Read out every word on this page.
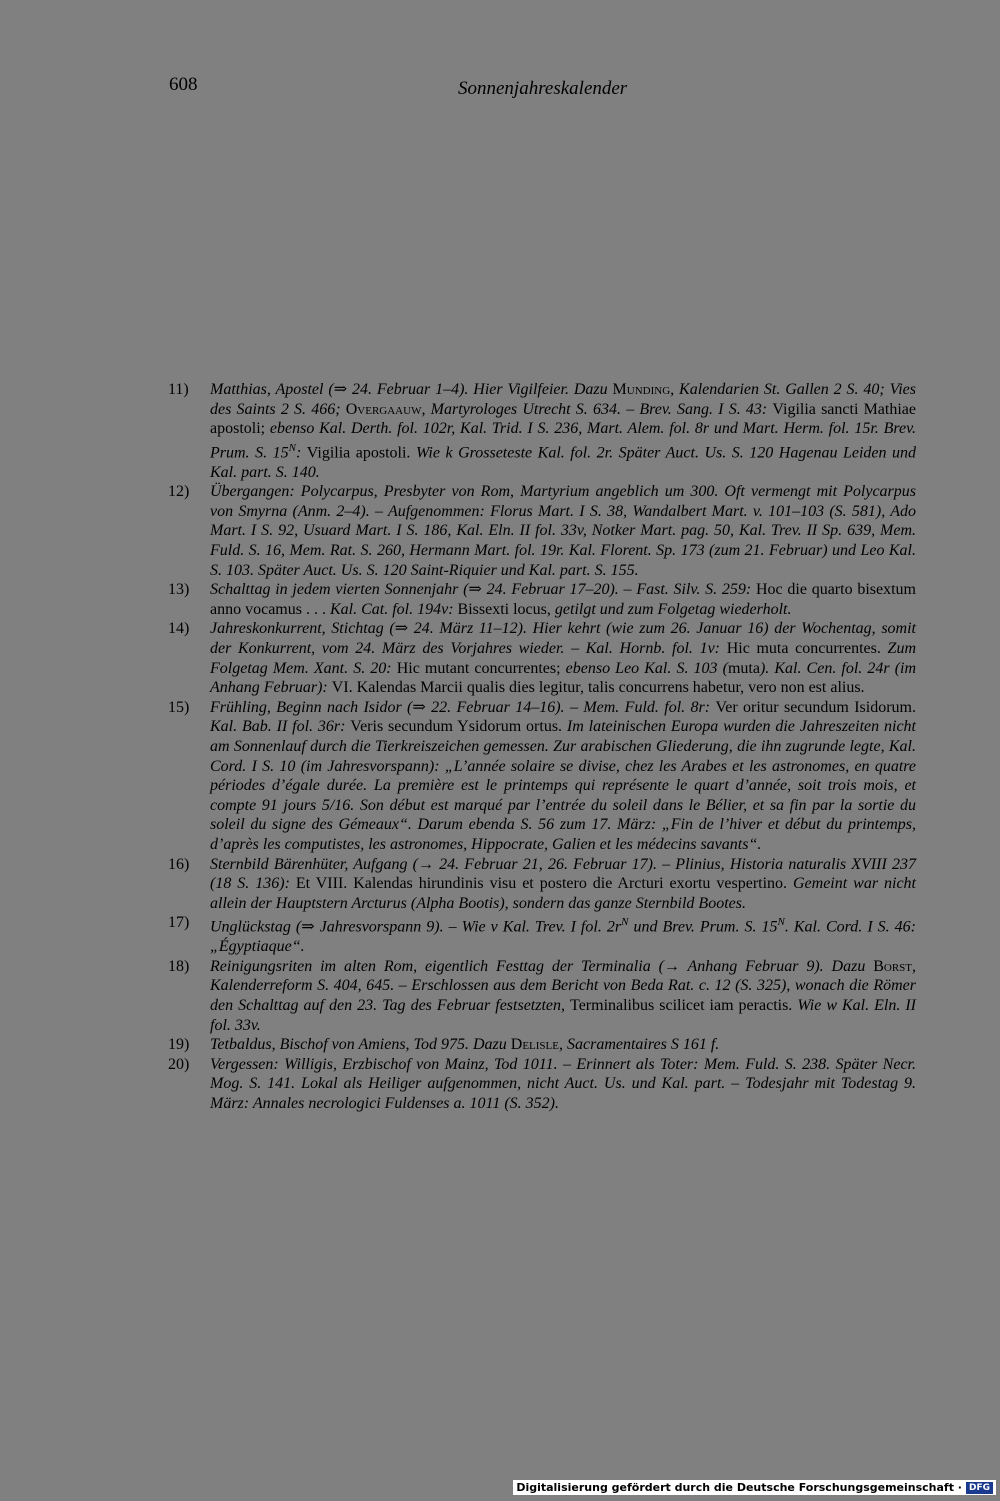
608	Sonnenjahreskalender
11)	Matthias, Apostel (⇒ 24. Februar 1–4). Hier Vigilfeier. Dazu Munding, Kalendarien St. Gallen 2 S. 40; Vies des Saints 2 S. 466; Overgaauw, Martyrologes Utrecht S. 634. – Brev. Sang. I S. 43: Vigilia sancti Mathiae apostoli; ebenso Kal. Derth. fol. 102r, Kal. Trid. I S. 236, Mart. Alem. fol. 8r und Mart. Herm. fol. 15r. Brev. Prum. S. $15^N$: Vigilia apostoli. Wie k Grosseteste Kal. fol. 2r. Später Auct. Us. S. 120 Hagenau Leiden und Kal. part. S. 140.
12)	Übergangen: Polycarpus, Presbyter von Rom, Martyrium angeblich um 300. Oft vermengt mit Polycarpus von Smyrna (Anm. 2–4). – Aufgenommen: Florus Mart. I S. 38, Wandalbert Mart. v. 101–103 (S. 581), Ado Mart. I S. 92, Usuard Mart. I S. 186, Kal. Eln. II fol. 33v, Notker Mart. pag. 50, Kal. Trev. II Sp. 639, Mem. Fuld. S. 16, Mem. Rat. S. 260, Hermann Mart. fol. 19r. Kal. Florent. Sp. 173 (zum 21. Februar) und Leo Kal. S. 103. Später Auct. Us. S. 120 Saint-Riquier und Kal. part. S. 155.
13)	Schalttag in jedem vierten Sonnenjahr (⇒ 24. Februar 17–20). – Fast. Silv. S. 259: Hoc die quarto bisextum anno vocamus . . . Kal. Cat. fol. 194v: Bissexti locus, getilgt und zum Folgetag wiederholt.
14)	Jahreskonkurrent, Stichtag (⇒ 24. März 11–12). Hier kehrt (wie zum 26. Januar 16) der Wochentag, somit der Konkurrent, vom 24. März des Vorjahres wieder. – Kal. Hornb. fol. 1v: Hic muta concurrentes. Zum Folgetag Mem. Xant. S. 20: Hic mutant concurrentes; ebenso Leo Kal. S. 103 (muta). Kal. Cen. fol. 24r (im Anhang Februar): VI. Kalendas Marcii qualis dies legitur, talis concurrens habetur, vero non est alius.
15)	Frühling, Beginn nach Isidor (⇒ 22. Februar 14–16). – Mem. Fuld. fol. 8r: Ver oritur secundum Isidorum. Kal. Bab. II fol. 36r: Veris secundum Ysidorum ortus. Im lateinischen Europa wurden die Jahreszeiten nicht am Sonnenlauf durch die Tierkreiszeichen gemessen. Zur arabischen Gliederung, die ihn zugrunde legte, Kal. Cord. I S. 10 (im Jahresvorspann): „L’année solaire se divise, chez les Arabes et les astronomes, en quatre périodes d’égale durée. La première est le printemps qui représente le quart d’année, soit trois mois, et compte 91 jours 5/16. Son début est marqué par l’entrée du soleil dans le Bélier, et sa fin par la sortie du soleil du signe des Gémeaux“. Darum ebenda S. 56 zum 17. März: „Fin de l’hiver et début du printemps, d’après les computistes, les astronomes, Hippocrate, Galien et les médecins savants“.
16)	Sternbild Bärenhüter, Aufgang (→ 24. Februar 21, 26. Februar 17). – Plinius, Historia naturalis XVIII 237 (18 S. 136): Et VIII. Kalendas hirundinis visu et postero die Arcturi exortu vespertino. Gemeint war nicht allein der Hauptstern Arcturus (Alpha Bootis), sondern das ganze Sternbild Bootes.
17)	Unglückstag (⇒ Jahresvorspann 9). – Wie v Kal. Trev. I fol. $2r^N$ und Brev. Prum. S. $15^N$. Kal. Cord. I S. 46: „Égyptiaque“.
18)	Reinigungsriten im alten Rom, eigentlich Festtag der Terminalia (→ Anhang Februar 9). Dazu Borst, Kalenderreform S. 404, 645. – Erschlossen aus dem Bericht von Beda Rat. c. 12 (S. 325), wonach die Römer den Schalttag auf den 23. Tag des Februar festsetzten, Terminalibus scilicet iam peractis. Wie w Kal. Eln. II fol. 33v.
19)	Tetbaldus, Bischof von Amiens, Tod 975. Dazu Delisle, Sacramentaires S 161 f.
20)	Vergessen: Willigis, Erzbischof von Mainz, Tod 1011. – Erinnert als Toter: Mem. Fuld. S. 238. Später Necr. Mog. S. 141. Lokal als Heiliger aufgenommen, nicht Auct. Us. und Kal. part. – Todesjahr mit Todestag 9. März: Annales necrologici Fuldenses a. 1011 (S. 352).
Digitalisierung gefördert durch die Deutsche Forschungsgemeinschaft · DFG
